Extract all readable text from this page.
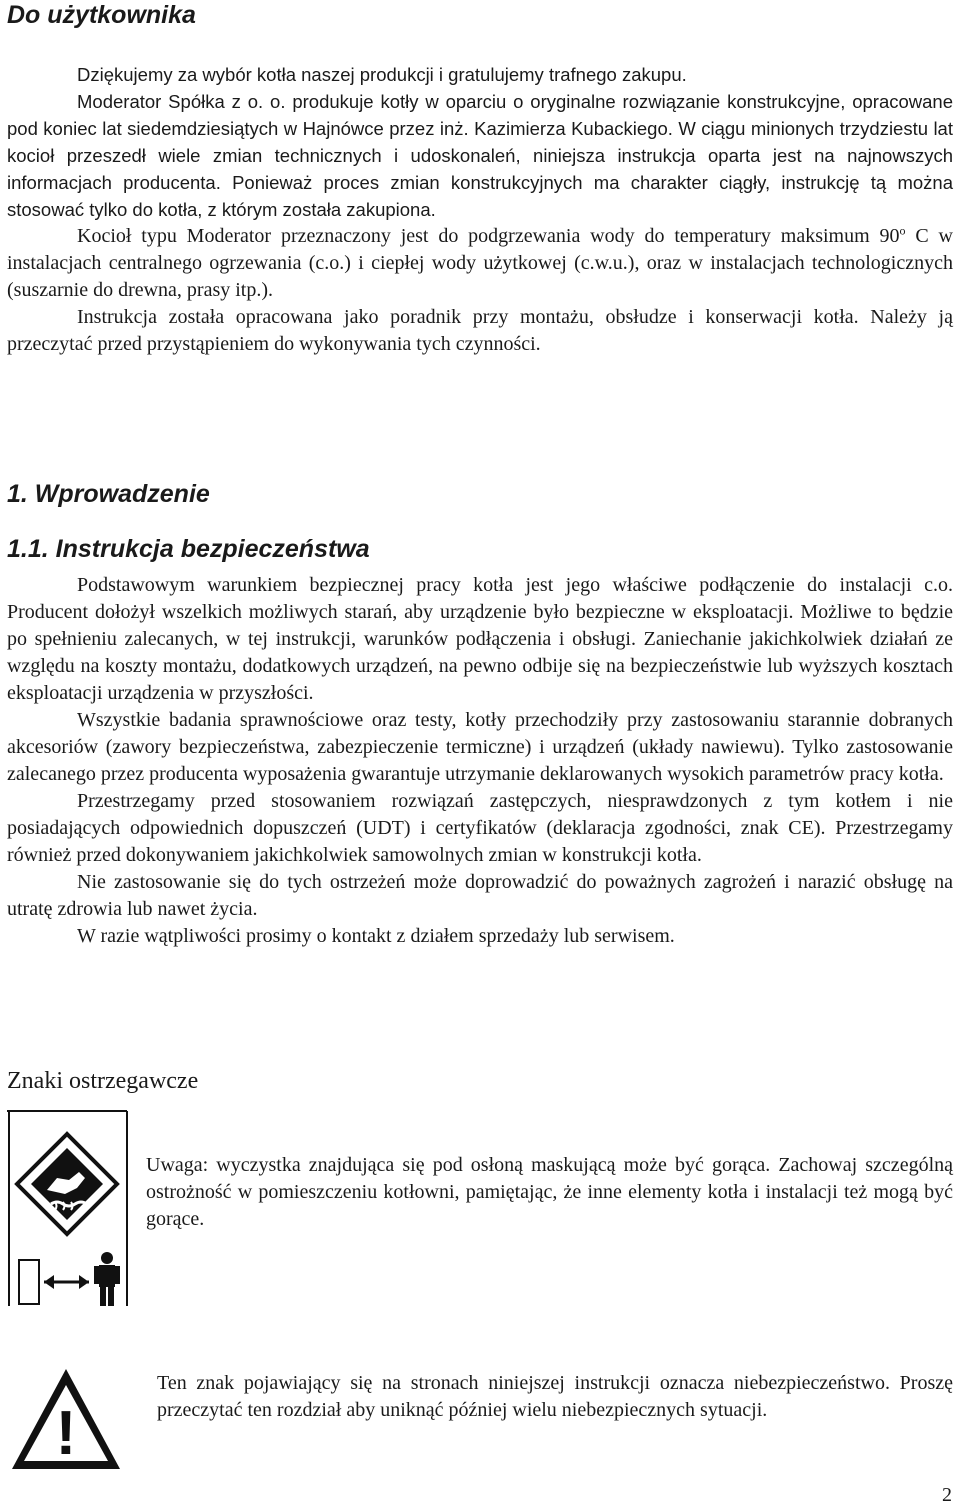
Do użytkownika

Dziękujemy za wybór kotła naszej produkcji i gratulujemy trafnego zakupu.

Moderator Spółka z o. o. produkuje kotły w oparciu o oryginalne rozwiązanie konstrukcyjne, opracowane pod koniec lat siedemdziesiątych w Hajnówce przez inż. Kazimierza Kubackiego. W ciągu minionych trzydziestu lat kocioł przeszedł wiele zmian technicznych i udoskonaleń, niniejsza instrukcja oparta jest na najnowszych informacjach producenta. Ponieważ proces zmian konstrukcyjnych ma charakter ciągły, instrukcję tą można stosować tylko do kotła, z którym została zakupiona.

Kocioł typu Moderator przeznaczony jest do podgrzewania wody do temperatury maksimum 90$^o$ C w instalacjach centralnego ogrzewania (c.o.) i ciepłej wody użytkowej (c.w.u.), oraz w instalacjach technologicznych (suszarnie do drewna, prasy itp.).

Instrukcja została opracowana jako poradnik przy montażu, obsłudze i konserwacji kotła. Należy ją przeczytać przed przystąpieniem do wykonywania tych czynności.

1. Wprowadzenie
1.1. Instrukcja bezpieczeństwa

Podstawowym warunkiem bezpiecznej pracy kotła jest jego właściwe podłączenie do instalacji c.o. Producent dołożył wszelkich możliwych starań, aby urządzenie było bezpieczne w eksploatacji. Możliwe to będzie po spełnieniu zalecanych, w tej instrukcji, warunków podłączenia i obsługi. Zaniechanie jakichkolwiek działań ze względu na koszty montażu, dodatkowych urządzeń, na pewno odbije się na bezpieczeństwie lub wyższych kosztach eksploatacji urządzenia w przyszłości.

Wszystkie badania sprawnościowe oraz testy, kotły przechodziły przy zastosowaniu starannie dobranych akcesoriów (zawory bezpieczeństwa, zabezpieczenie termiczne) i urządzeń (układy nawiewu). Tylko zastosowanie zalecanego przez producenta wyposażenia gwarantuje utrzymanie deklarowanych wysokich parametrów pracy kotła.

Przestrzegamy przed stosowaniem rozwiązań zastępczych, niesprawdzonych z tym kotłem i nie posiadających odpowiednich dopuszczeń (UDT) i certyfikatów (deklaracja zgodności, znak CE). Przestrzegamy również przed dokonywaniem jakichkolwiek samowolnych zmian w konstrukcji kotła.

Nie zastosowanie się do tych ostrzeżeń może doprowadzić do poważnych zagrożeń i narazić obsługę na utratę zdrowia lub nawet życia.

W razie wątpliwości prosimy o kontakt z działem sprzedaży lub serwisem.

Znaki ostrzegawcze

Uwaga: wyczystka znajdująca się pod osłoną maskującą może być gorąca. Zachowaj szczególną ostrożność w pomieszczeniu kotłowni, pamiętając, że inne elementy kotła i instalacji też mogą być gorące.

!

Ten znak pojawiający się na stronach niniejszej instrukcji oznacza niebezpieczeństwo. Proszę przeczytać ten rozdział aby uniknąć później wielu niebezpiecznych sytuacji.

2
